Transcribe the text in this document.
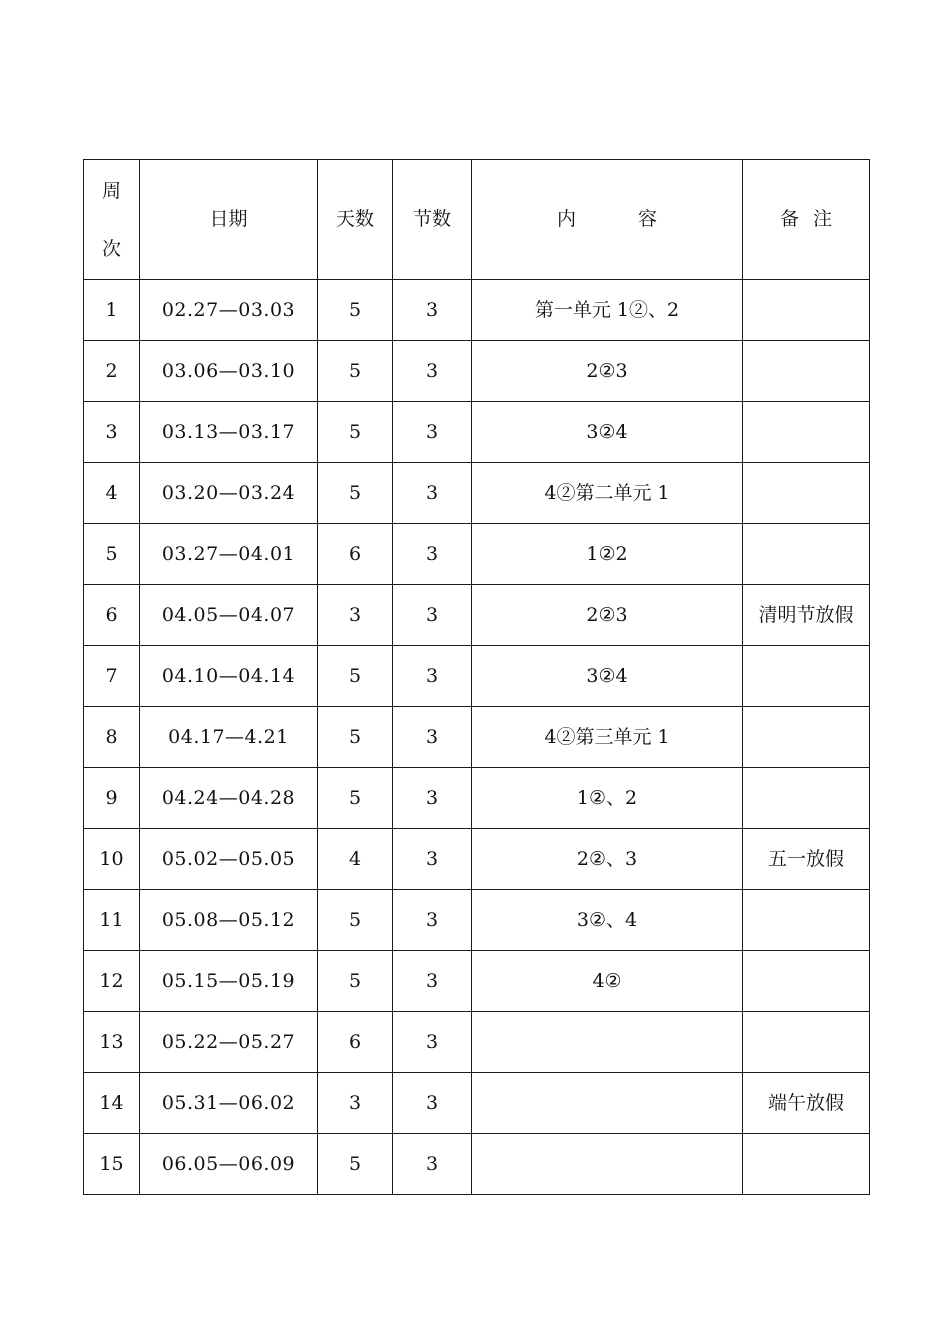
周
次	日期	天数	节数	内 容	备 注
1	02.27—03.03	5	3	第一单元 1②、2	
2	03.06—03.10	5	3	2②3	
3	03.13—03.17	5	3	3②4	
4	03.20—03.24	5	3	4②第二单元 1	
5	03.27—04.01	6	3	1②2	
6	04.05—04.07	3	3	2②3	清明节放假
7	04.10—04.14	5	3	3②4	
8	04.17—4.21	5	3	4②第三单元 1	
9	04.24—04.28	5	3	1②、2	
10	05.02—05.05	4	3	2②、3	五一放假
11	05.08—05.12	5	3	3②、4	
12	05.15—05.19	5	3	4②	
13	05.22—05.27	6	3		
14	05.31—06.02	3	3		端午放假
15	06.05—06.09	5	3		
